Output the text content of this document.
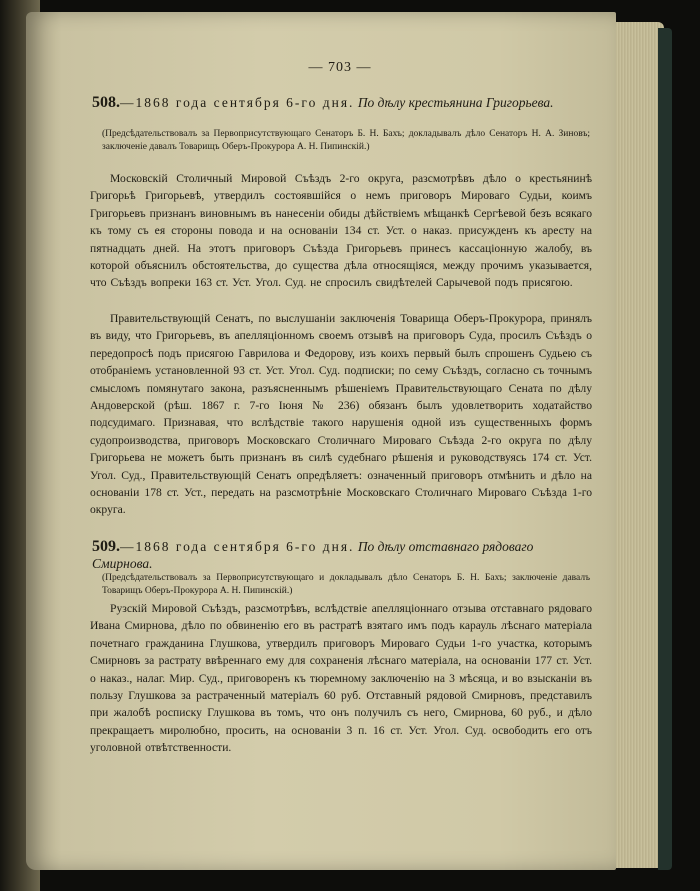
— 703 —
508.—1868 года сентября 6-го дня. По дѣлу крестьянина Григорьева.
(Предсѣдательствовалъ за Первоприсутствующаго Сенаторъ Б. Н. Бахъ; докладывалъ дѣло Сенаторъ Н. А. Зиновъ; заключеніе давалъ Товарищъ Оберъ-Прокурора А. Н. Пипинскій.)
Московскій Столичный Мировой Съѣздъ 2-го округа, разсмотрѣвъ дѣло о крестьянинѣ Григорьѣ Григорьевѣ, утвердилъ состоявшійся о немъ приговоръ Мироваго Судьи, коимъ Григорьевъ признанъ виновнымъ въ нанесеніи обиды дѣйствіемъ мѣщанкѣ Сергѣевой безъ всякаго къ тому съ ея стороны повода и на основаніи 134 ст. Уст. о наказ. присужденъ къ аресту на пятнадцать дней. На этотъ приговоръ Съѣзда Григорьевъ принесъ кассаціонную жалобу, въ которой объяснилъ обстоятельства, до существа дѣла относящіяся, между прочимъ указывается, что Съѣздъ вопреки 163 ст. Уст. Угол. Суд. не спросилъ свидѣтелей Сарычевой подъ присягою.
Правительствующій Сенатъ, по выслушаніи заключенія Товарища Оберъ-Прокурора, принялъ въ виду, что Григорьевъ, въ апелляціонномъ своемъ отзывѣ на приговоръ Суда, просилъ Съѣздъ о передопросѣ подъ присягою Гаврилова и Федорову, изъ коихъ первый былъ спрошенъ Судьею съ отобраніемъ установленной 93 ст. Уст. Угол. Суд. подписки; по сему Съѣздъ, согласно съ точнымъ смысломъ помянутаго закона, разъясненнымъ рѣшеніемъ Правительствующаго Сената по дѣлу Андоверской (рѣш. 1867 г. 7-го Іюня № 236) обязанъ былъ удовлетворить ходатайство подсудимаго. Признавая, что вслѣдствіе такого нарушенія одной изъ существенныхъ формъ судопроизводства, приговоръ Московскаго Столичнаго Мироваго Съѣзда 2-го округа по дѣлу Григорьева не можетъ быть признанъ въ силѣ судебнаго рѣшенія и руководствуясь 174 ст. Уст. Угол. Суд., Правительствующій Сенатъ опредѣляетъ: означенный приговоръ отмѣнить и дѣло на основаніи 178 ст. Уст., передать на разсмотрѣніе Московскаго Столичнаго Мироваго Съѣзда 1-го округа.
509.—1868 года сентября 6-го дня. По дѣлу отставнаго рядоваго Смирнова.
(Предсѣдательствовалъ за Первоприсутствующаго и докладывалъ дѣло Сенаторъ Б. Н. Бахъ; заключеніе давалъ Товарищъ Оберъ-Прокурора А. Н. Пипинскій.)
Рузскій Мировой Съѣздъ, разсмотрѣвъ, вслѣдствіе апелляціоннаго отзыва отставнаго рядоваго Ивана Смирнова, дѣло по обвиненію его въ растратѣ взятаго имъ подъ карауль лѣснаго матеріала почетнаго гражданина Глушкова, утвердилъ приговоръ Мироваго Судьи 1-го участка, которымъ Смирновъ за растрату ввѣреннаго ему для сохраненія лѣснаго матеріала, на основаніи 177 ст. Уст. о наказ., налаг. Мир. Суд., приговоренъ къ тюремному заключенію на 3 мѣсяца, и во взысканіи въ пользу Глушкова за растраченный матеріалъ 60 руб. Отставный рядовой Смирновъ, представилъ при жалобѣ росписку Глушкова въ томъ, что онъ получилъ съ него, Смирнова, 60 руб., и дѣло прекращаетъ миролюбно, просить, на основаніи 3 п. 16 ст. Уст. Угол. Суд. освободить его отъ уголовной отвѣтственности.
